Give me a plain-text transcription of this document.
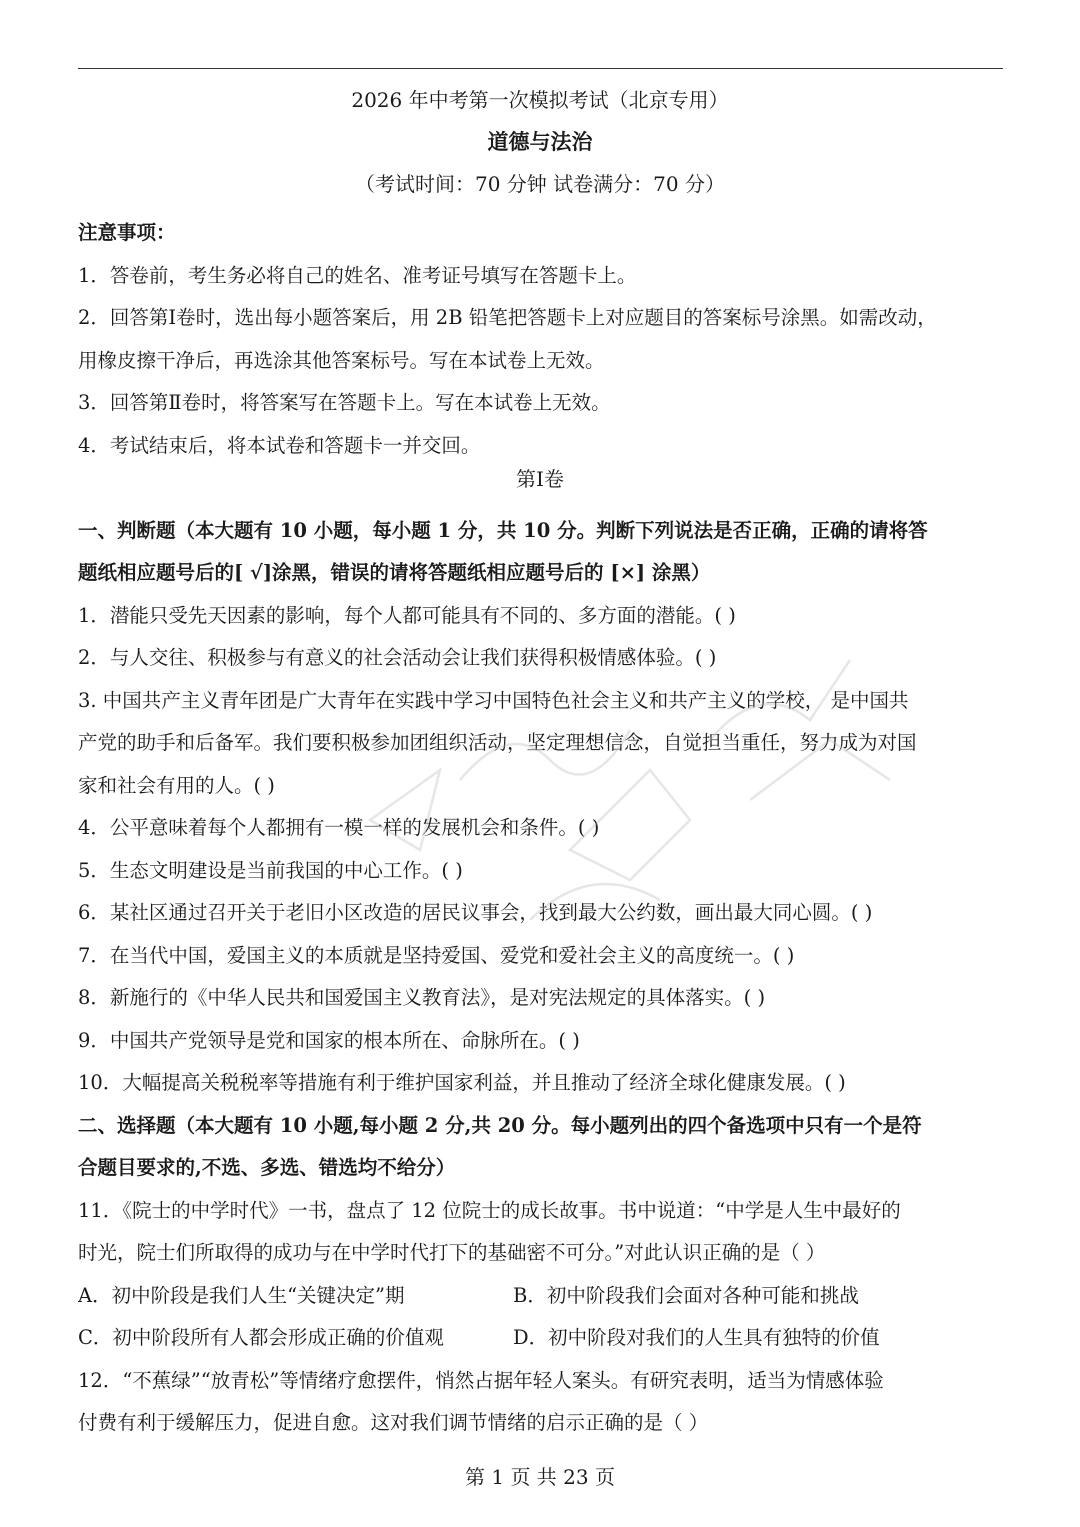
2026 年中考第一次模拟考试（北京专用）
道德与法治
（考试时间：70 分钟 试卷满分：70 分）
注意事项：
1．答卷前，考生务必将自己的姓名、准考证号填写在答题卡上。
2．回答第Ⅰ卷时，选出每小题答案后，用 2B 铅笔把答题卡上对应题目的答案标号涂黑。如需改动，
用橡皮擦干净后，再选涂其他答案标号。写在本试卷上无效。
3．回答第Ⅱ卷时，将答案写在答题卡上。写在本试卷上无效。
4．考试结束后，将本试卷和答题卡一并交回。
一、判断题（本大题有 10 小题，每小题 1 分，共 10 分。判断下列说法是否正确，正确的请将答
题纸相应题号后的[ √]涂黑，错误的请将答题纸相应题号后的 [×] 涂黑）
1．潜能只受先天因素的影响，每个人都可能具有不同的、多方面的潜能。( )
2．与人交往、积极参与有意义的社会活动会让我们获得积极情感体验。( )
3. 中国共产主义青年团是广大青年在实践中学习中国特色社会主义和共产主义的学校， 是中国共
产党的助手和后备军。我们要积极参加团组织活动，坚定理想信念，自觉担当重任，努力成为对国
家和社会有用的人。( )
4．公平意味着每个人都拥有一模一样的发展机会和条件。( )
5．生态文明建设是当前我国的中心工作。( )
6．某社区通过召开关于老旧小区改造的居民议事会，找到最大公约数，画出最大同心圆。( )
7．在当代中国，爱国主义的本质就是坚持爱国、爱党和爱社会主义的高度统一。( )
8．新施行的《中华人民共和国爱国主义教育法》，是对宪法规定的具体落实。( )
9．中国共产党领导是党和国家的根本所在、命脉所在。( )
10．大幅提高关税税率等措施有利于维护国家利益，并且推动了经济全球化健康发展。( )
二、选择题（本大题有 10 小题,每小题 2 分,共 20 分。每小题列出的四个备选项中只有一个是符
合题目要求的,不选、多选、错选均不给分）
11．《院士的中学时代》一书，盘点了 12 位院士的成长故事。书中说道：“中学是人生中最好的
时光，院士们所取得的成功与在中学时代打下的基础密不可分。”对此认识正确的是（ ）
A．初中阶段是我们人生“关键决定”期	B．初中阶段我们会面对各种可能和挑战
C．初中阶段所有人都会形成正确的价值观	D．初中阶段对我们的人生具有独特的价值
12．“不蕉绿”“放青松”等情绪疗愈摆件，悄然占据年轻人案头。有研究表明，适当为情感体验
付费有利于缓解压力，促进自愈。这对我们调节情绪的启示正确的是（ ）
第Ⅰ卷
第 1 页 共 23 页
